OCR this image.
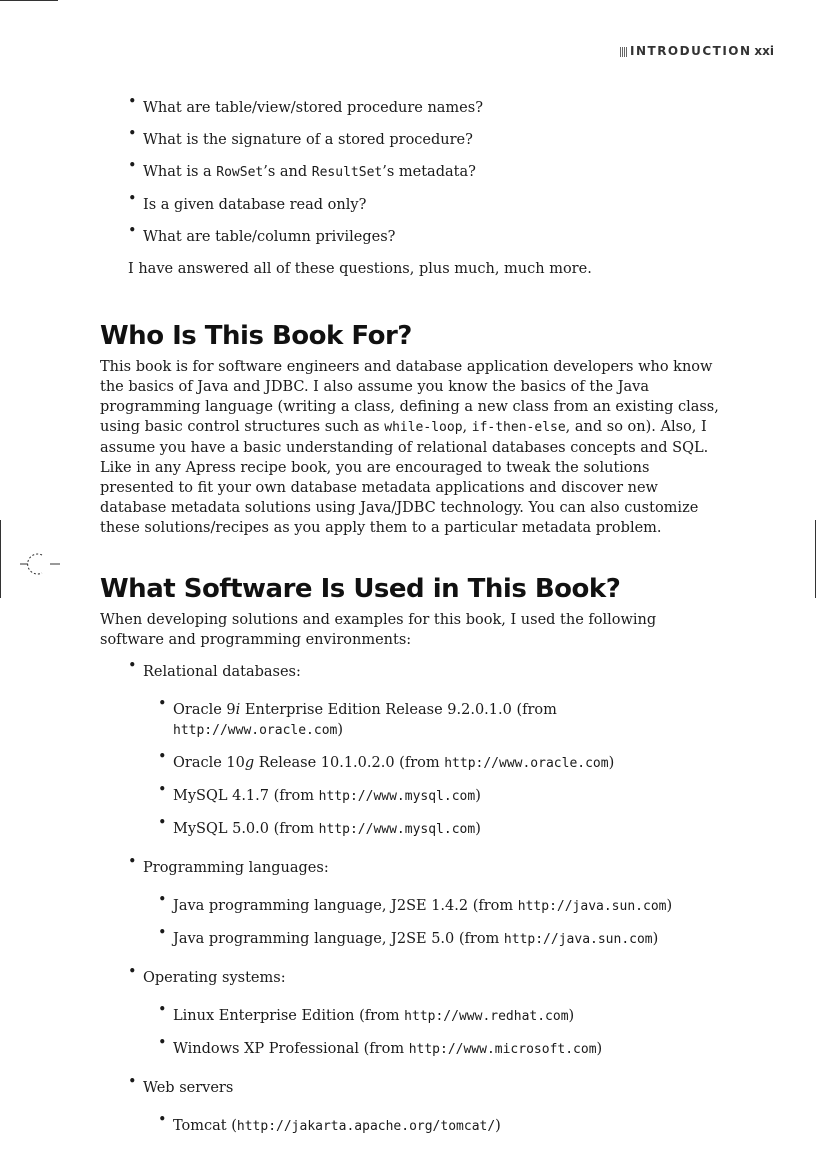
INTRODUCTION xxi
• What are table/view/stored procedure names?
• What is the signature of a stored procedure?
• What is a RowSet’s and ResultSet’s metadata?
• Is a given database read only?
• What are table/column privileges?

I have answered all of these questions, plus much, much more.

Who Is This Book For?

This book is for software engineers and database application developers who know the basics of Java and JDBC. I also assume you know the basics of the Java programming language (writing a class, defining a new class from an existing class, using basic control structures such as while-loop, if-then-else, and so on). Also, I assume you have a basic understanding of relational databases concepts and SQL. Like in any Apress recipe book, you are encouraged to tweak the solutions presented to fit your own database metadata applications and discover new database metadata solutions using Java/JDBC technology. You can also customize these solutions/recipes as you apply them to a particular metadata problem.

What Software Is Used in This Book?

When developing solutions and examples for this book, I used the following software and programming environments:

• Relational databases:
• Oracle 9i Enterprise Edition Release 9.2.0.1.0 (from http://www.oracle.com)
• Oracle 10g Release 10.1.0.2.0 (from http://www.oracle.com)
• MySQL 4.1.7 (from http://www.mysql.com)
• MySQL 5.0.0 (from http://www.mysql.com)
• Programming languages:
• Java programming language, J2SE 1.4.2 (from http://java.sun.com)
• Java programming language, J2SE 5.0 (from http://java.sun.com)
• Operating systems:
• Linux Enterprise Edition (from http://www.redhat.com)
• Windows XP Professional (from http://www.microsoft.com)
• Web servers
• Tomcat (http://jakarta.apache.org/tomcat/)
